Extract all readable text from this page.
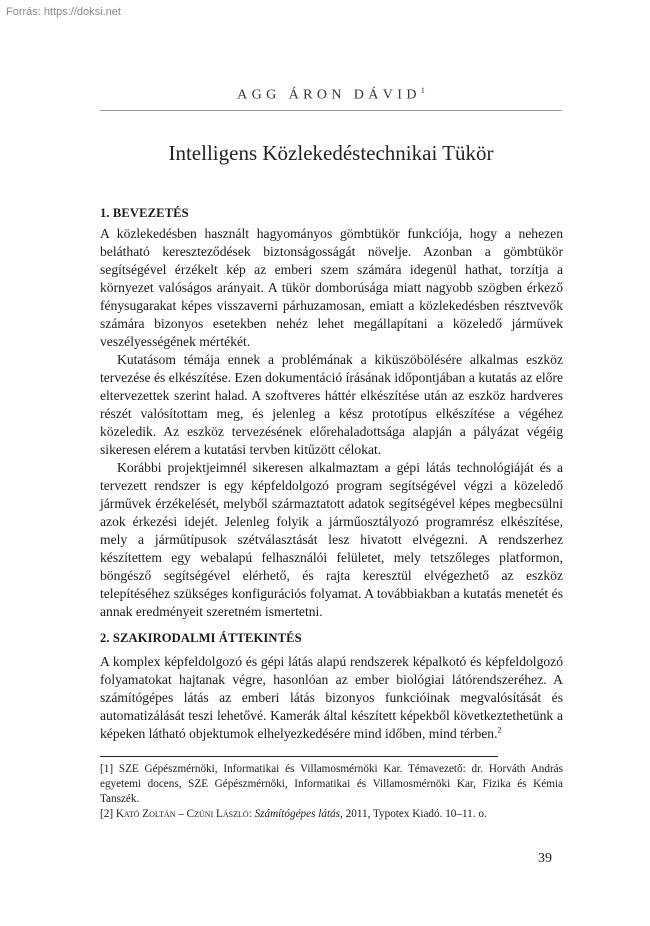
Forrás: https://doksi.net
AGG ÁRON DÁVID$^1$
Intelligens Közlekedéstechnikai Tükör
1. BEVEZETÉS

A közlekedésben használt hagyományos gömbtükör funkciója, hogy a nehezen belátható kereszteződések biztonságosságát növelje. Azonban a gömbtükör segítségével érzékelt kép az emberi szem számára idegenül hathat, torzítja a környezet valóságos arányait. A tükör domborúsága miatt nagyobb szögben érkező fénysugarakat képes visszaverni párhuzamosan, emiatt a közlekedésben résztvevők számára bizonyos esetekben nehéz lehet megállapítani a közeledő járművek veszélyességének mértékét.

Kutatásom témája ennek a problémának a kiküszöbölésére alkalmas eszköz tervezése és elkészítése. Ezen dokumentáció írásának időpontjában a kutatás az előre eltervezettek szerint halad. A szoftveres háttér elkészítése után az eszköz hardveres részét valósítottam meg, és jelenleg a kész prototípus elkészítése a végéhez közeledik. Az eszköz tervezésének előrehaladottsága alapján a pályázat végéig sikeresen elérem a kutatási tervben kitűzött célokat.

Korábbi projektjeimnél sikeresen alkalmaztam a gépi látás technológiáját és a tervezett rendszer is egy képfeldolgozó program segítségével végzi a közeledő járművek érzékelését, melyből származtatott adatok segítségével képes megbecsülni azok érkezési idejét. Jelenleg folyik a járműosztályozó programrész elkészítése, mely a járműtípusok szétválasztását lesz hivatott elvégezni. A rendszerhez készítettem egy webalapú felhasználói felületet, mely tetszőleges platformon, böngésző segítségével elérhető, és rajta keresztül elvégezhető az eszköz telepítéséhez szükséges konfigurációs folyamat. A továbbiakban a kutatás menetét és annak eredményeit szeretném ismertetni.

2. SZAKIRODALMI ÁTTEKINTÉS

A komplex képfeldolgozó és gépi látás alapú rendszerek képalkotó és képfeldolgozó folyamatokat hajtanak végre, hasonlóan az ember biológiai látórendszeréhez. A számítógépes látás az emberi látás bizonyos funkcióinak megvalósítását és automatizálását teszi lehetővé. Kamerák által készített képekből következtethetünk a képeken látható objektumok elhelyezkedésére mind időben, mind térben.$^2$

[1] SZE Gépészmérnöki, Informatikai és Villamosmérnöki Kar. Témavezető: dr. Horváth András egyetemi docens, SZE Gépészmérnöki, Informatikai és Villamosmérnöki Kar, Fizika és Kémia Tanszék.

[2] Kató Zoltán – Czúni László: Számítógépes látás, 2011, Typotex Kiadó. 10–11. o.

39
